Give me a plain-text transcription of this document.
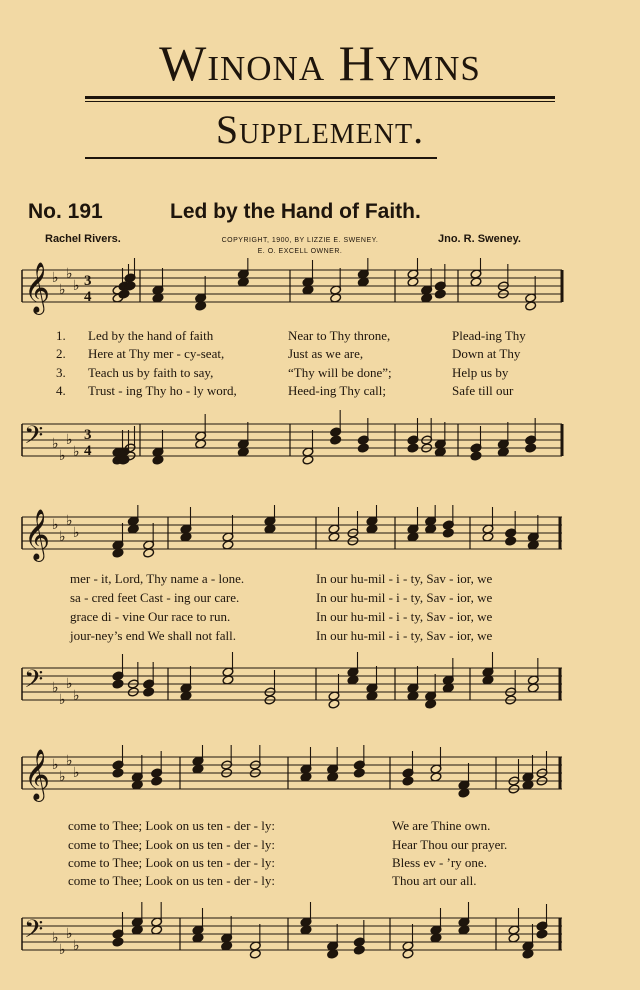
Winona Hymns
Supplement.
No. 191	Led by the Hand of Faith.
Rachel Rivers.	COPYRIGHT, 1900, BY LIZZIE E. SWENEY.
E. O. EXCELL OWNER.
Jno. R. Sweney.
𝄞 ♭
♭
♭
♭ 3
4
1. Led by the hand of faith	Near to Thy throne,	Plead-ing Thy
2. Here at Thy mer - cy-seat,	Just as we are,	Down at Thy
3. Teach us by faith to say,	“Thy will be done”;	Help us by
4. Trust - ing Thy ho - ly word,	Heed-ing Thy call;	Safe till our
𝄢 ♭
♭
♭
♭
3
4
𝄞 ♭
♭
♭
♭
mer - it, Lord, Thy name a - lone.	In our hu-mil - i - ty, Sav - ior, we
sa - cred feet Cast - ing our care.	In our hu-mil - i - ty, Sav - ior, we
grace di - vine Our race to run.	In our hu-mil - i - ty, Sav - ior, we
jour-ney’s end We shall not fall.	In our hu-mil - i - ty, Sav - ior, we
𝄢 ♭
♭
♭
♭
𝄞 ♭
♭
♭
♭
come to Thee; Look on us ten - der - ly:	We are Thine own.
come to Thee; Look on us ten - der - ly:	Hear Thou our prayer.
come to Thee; Look on us ten - der - ly:	Bless ev - ’ry one.
come to Thee; Look on us ten - der - ly:	Thou art our all.
𝄢 ♭
♭
♭
♭
